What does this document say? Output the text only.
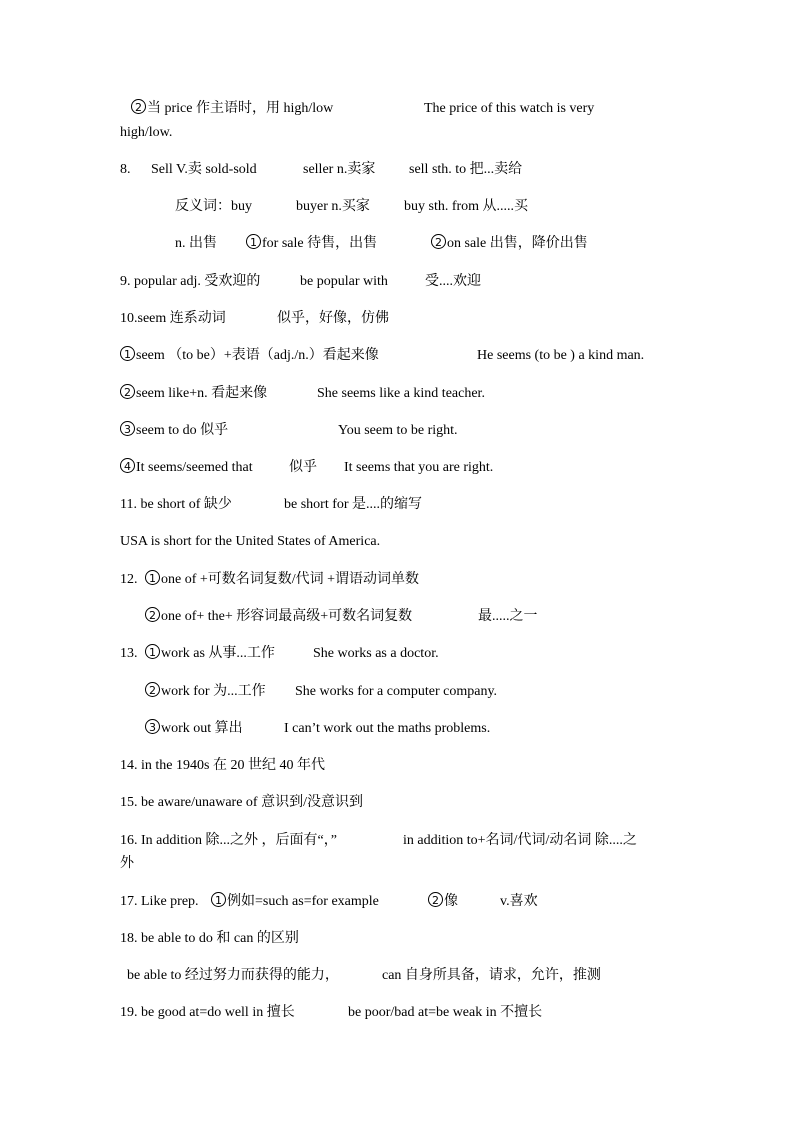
2 当 price 作主语时，用 high/low	The price of this watch is very
high/low.
8. Sell V.卖 sold-sold	seller n.卖家 sell sth. to 把...卖给
反义词：buy	buyer n.买家 buy sth. from 从.....买
n. 出售	1 for sale 待售，出售	2 on sale 出售，降价出售
9. popular adj. 受欢迎的	be popular with	受....欢迎
10.seem 连系动词	似乎，好像，仿佛
1 seem （to be）+表语（adj./n.）看起来像	He seems (to be ) a kind man.
2 seem like+n. 看起来像	She seems like a kind teacher.
3 seem to do 似乎	You seem to be right.
4 It seems/seemed that	似乎 It seems that you are right.
11. be short of 缺少	be short for 是....的缩写
USA is short for the United States of America.
12.	1 one of +可数名词复数/代词 +谓语动词单数
2 one of+ the+ 形容词最高级+可数名词复数	最.....之一
13.	1 work as 从事...工作	She works as a doctor.
2 work for 为...工作 She works for a computer company.
3 work out 算出	I can’t work out the maths problems.
14. in the 1940s 在 20 世纪 40 年代
15. be aware/unaware of 意识到/没意识到
16. In addition 除...之外 ，后面有“，”	in addition to+名词/代词/动名词 除....之
外
17. Like prep.	1 例如=such as=for example	2 像	v.喜欢
18. be able to do 和 can 的区别
be able to 经过努力而获得的能力，	can 自身所具备，请求，允许，推测
19. be good at=do well in 擅长	be poor/bad at=be weak in 不擅长
